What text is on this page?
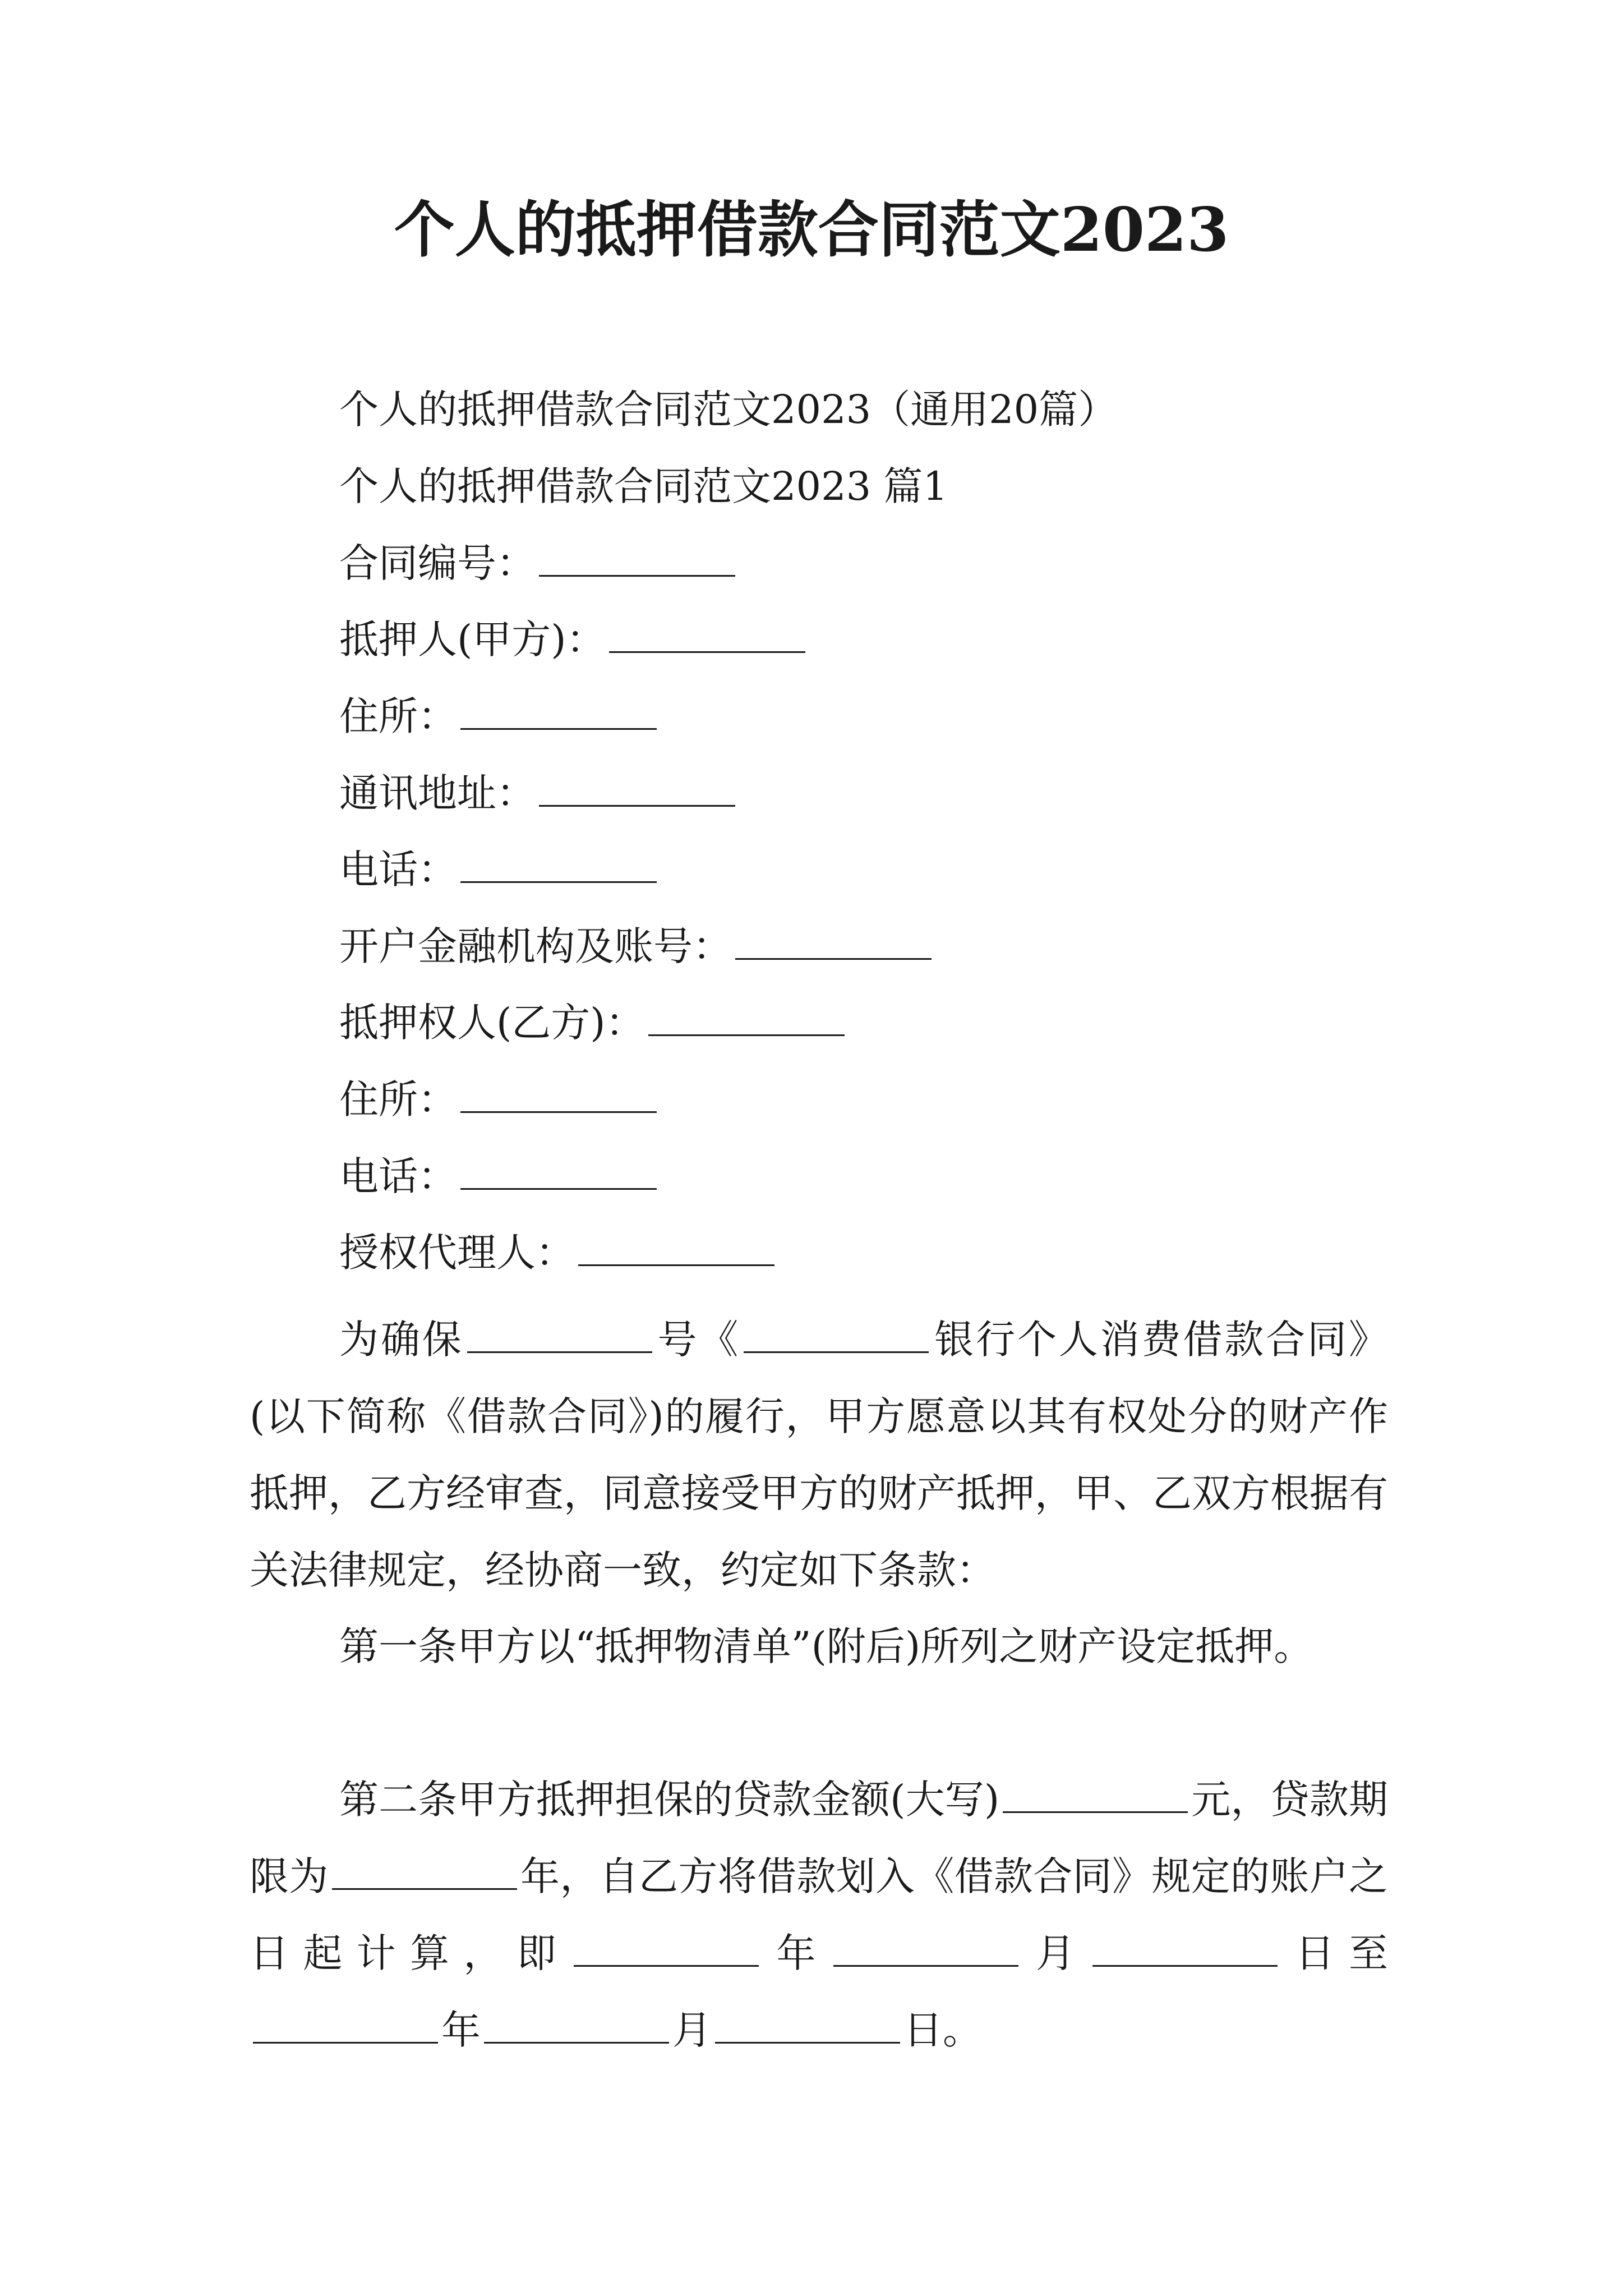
个人的抵押借款合同范文2023
个人的抵押借款合同范文2023（通用20篇）
个人的抵押借款合同范文2023 篇1
合同编号：
抵押人(甲方)：
住所：
通讯地址：
电话：
开户金融机构及账号：
抵押权人(乙方)：
住所：
电话：
授权代理人：
为确保	号《	银行个人消费借款合同》(以下简称《借款合同》)的履行，甲方愿意以其有权处分的财产作抵押，乙方经审查，同意接受甲方的财产抵押，甲、乙双方根据有关法律规定，经协商一致，约定如下条款：
第一条甲方以“抵押物清单”(附后)所列之财产设定抵押。
第二条甲方抵押担保的贷款金额(大写)	元，贷款期限为	年，自乙方将借款划入《借款合同》规定的账户之日起计算，即	年	月	日至年	月	日。
